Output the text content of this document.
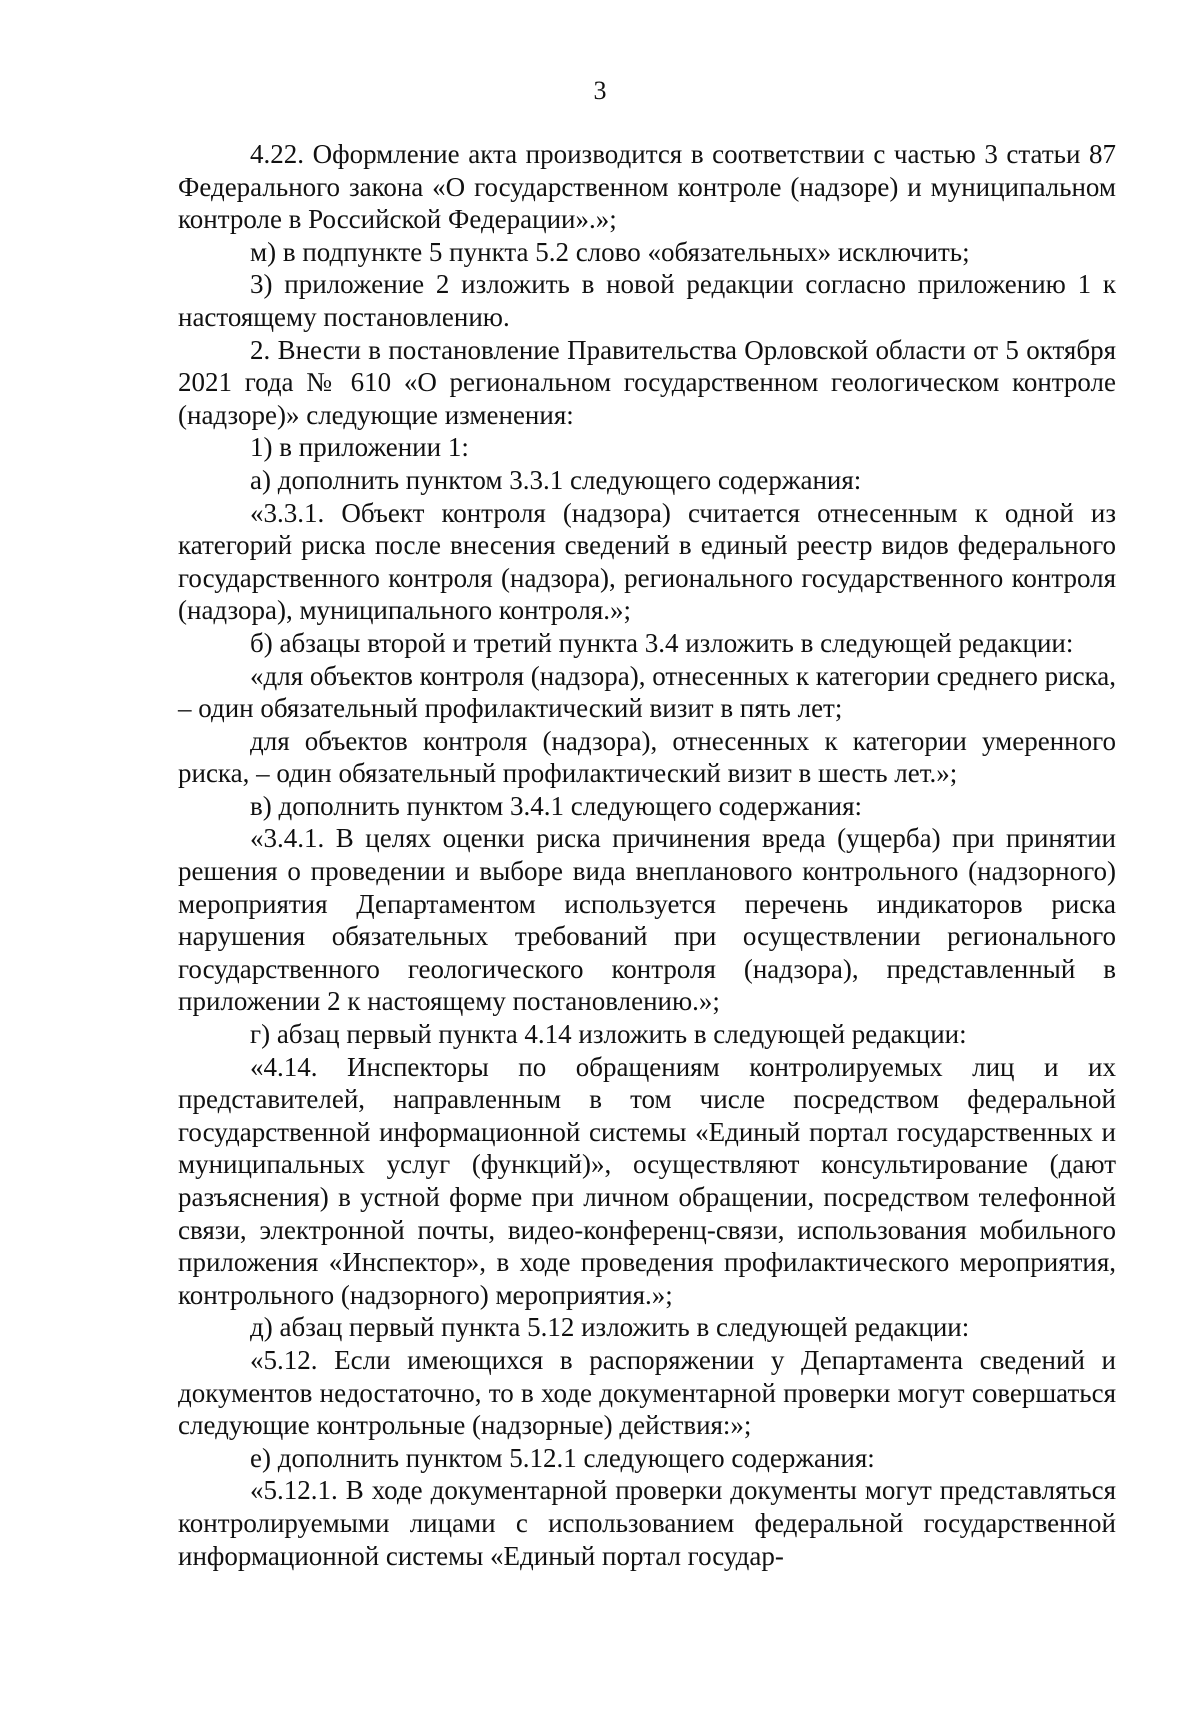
3

4.22. Оформление акта производится в соответствии с частью 3 статьи 87 Федерального закона «О государственном контроле (надзоре) и муниципальном контроле в Российской Федерации».»;

м) в подпункте 5 пункта 5.2 слово «обязательных» исключить;

3) приложение 2 изложить в новой редакции согласно приложению 1 к настоящему постановлению.

2. Внести в постановление Правительства Орловской области от 5 октября 2021 года № 610 «О региональном государственном геологическом контроле (надзоре)» следующие изменения:

1) в приложении 1:

а) дополнить пунктом 3.3.1 следующего содержания:

«3.3.1. Объект контроля (надзора) считается отнесенным к одной из категорий риска после внесения сведений в единый реестр видов федерального государственного контроля (надзора), регионального государственного контроля (надзора), муниципального контроля.»;

б) абзацы второй и третий пункта 3.4 изложить в следующей редакции:

«для объектов контроля (надзора), отнесенных к категории среднего риска, – один обязательный профилактический визит в пять лет;

для объектов контроля (надзора), отнесенных к категории умеренного риска, – один обязательный профилактический визит в шесть лет.»;

в) дополнить пунктом 3.4.1 следующего содержания:

«3.4.1. В целях оценки риска причинения вреда (ущерба) при принятии решения о проведении и выборе вида внепланового контрольного (надзорного) мероприятия Департаментом используется перечень индикаторов риска нарушения обязательных требований при осуществлении регионального государственного геологического контроля (надзора), представленный в приложении 2 к настоящему постановлению.»;

г) абзац первый пункта 4.14 изложить в следующей редакции:

«4.14. Инспекторы по обращениям контролируемых лиц и их представителей, направленным в том числе посредством федеральной государственной информационной системы «Единый портал государственных и муниципальных услуг (функций)», осуществляют консультирование (дают разъяснения) в устной форме при личном обращении, посредством телефонной связи, электронной почты, видео-конференц-связи, использования мобильного приложения «Инспектор», в ходе проведения профилактического мероприятия, контрольного (надзорного) мероприятия.»;

д) абзац первый пункта 5.12 изложить в следующей редакции:

«5.12. Если имеющихся в распоряжении у Департамента сведений и документов недостаточно, то в ходе документарной проверки могут совершаться следующие контрольные (надзорные) действия:»;

е) дополнить пунктом 5.12.1 следующего содержания:

«5.12.1. В ходе документарной проверки документы могут представляться контролируемыми лицами с использованием федеральной государственной информационной системы «Единый портал государ-
